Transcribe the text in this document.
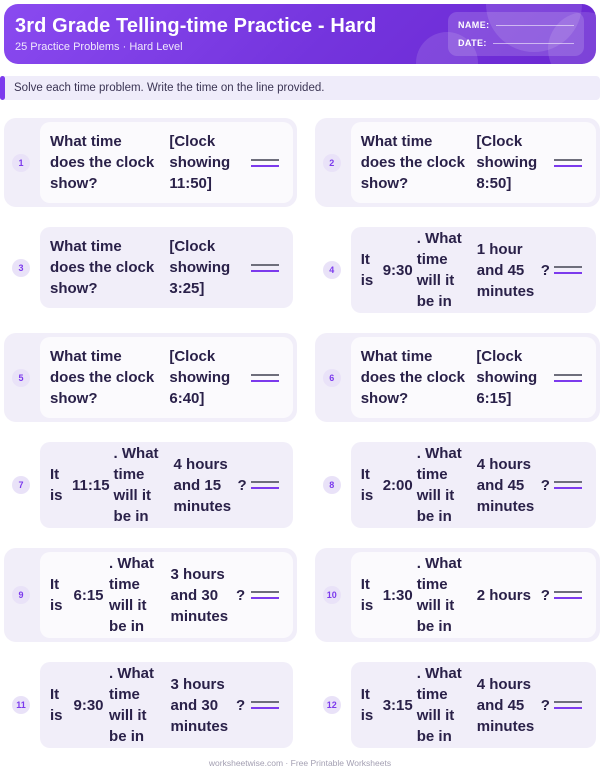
3rd Grade Telling-time Practice - Hard
25 Practice Problems · Hard Level
NAME:
DATE:
Solve each time problem. Write the time on the line provided.
1
What time does the clock show?
[Clock showing 11:50]
2
What time does the clock show?
[Clock showing 8:50]
3
What time does the clock show?
[Clock showing 3:25]
4
It is
9:30
. What time will it be in
1 hour and 45 minutes
?
5
What time does the clock show?
[Clock showing 6:40]
6
What time does the clock show?
[Clock showing 6:15]
7
It is
11:15
. What time will it be in
4 hours and 15 minutes
?	8
It is
2:00
. What time will it be in
4 hours and 45 minutes
?
9
It is
6:15
. What time will it be in
3 hours and 30 minutes
?	10
It is
1:30
. What time will it be in
2 hours ?
11
It is
9:30
. What time will it be in
3 hours and 30 minutes
?	12
It is
3:15
. What time will it be in
4 hours and 45 minutes
?
worksheetwise.com · Free Printable Worksheets
